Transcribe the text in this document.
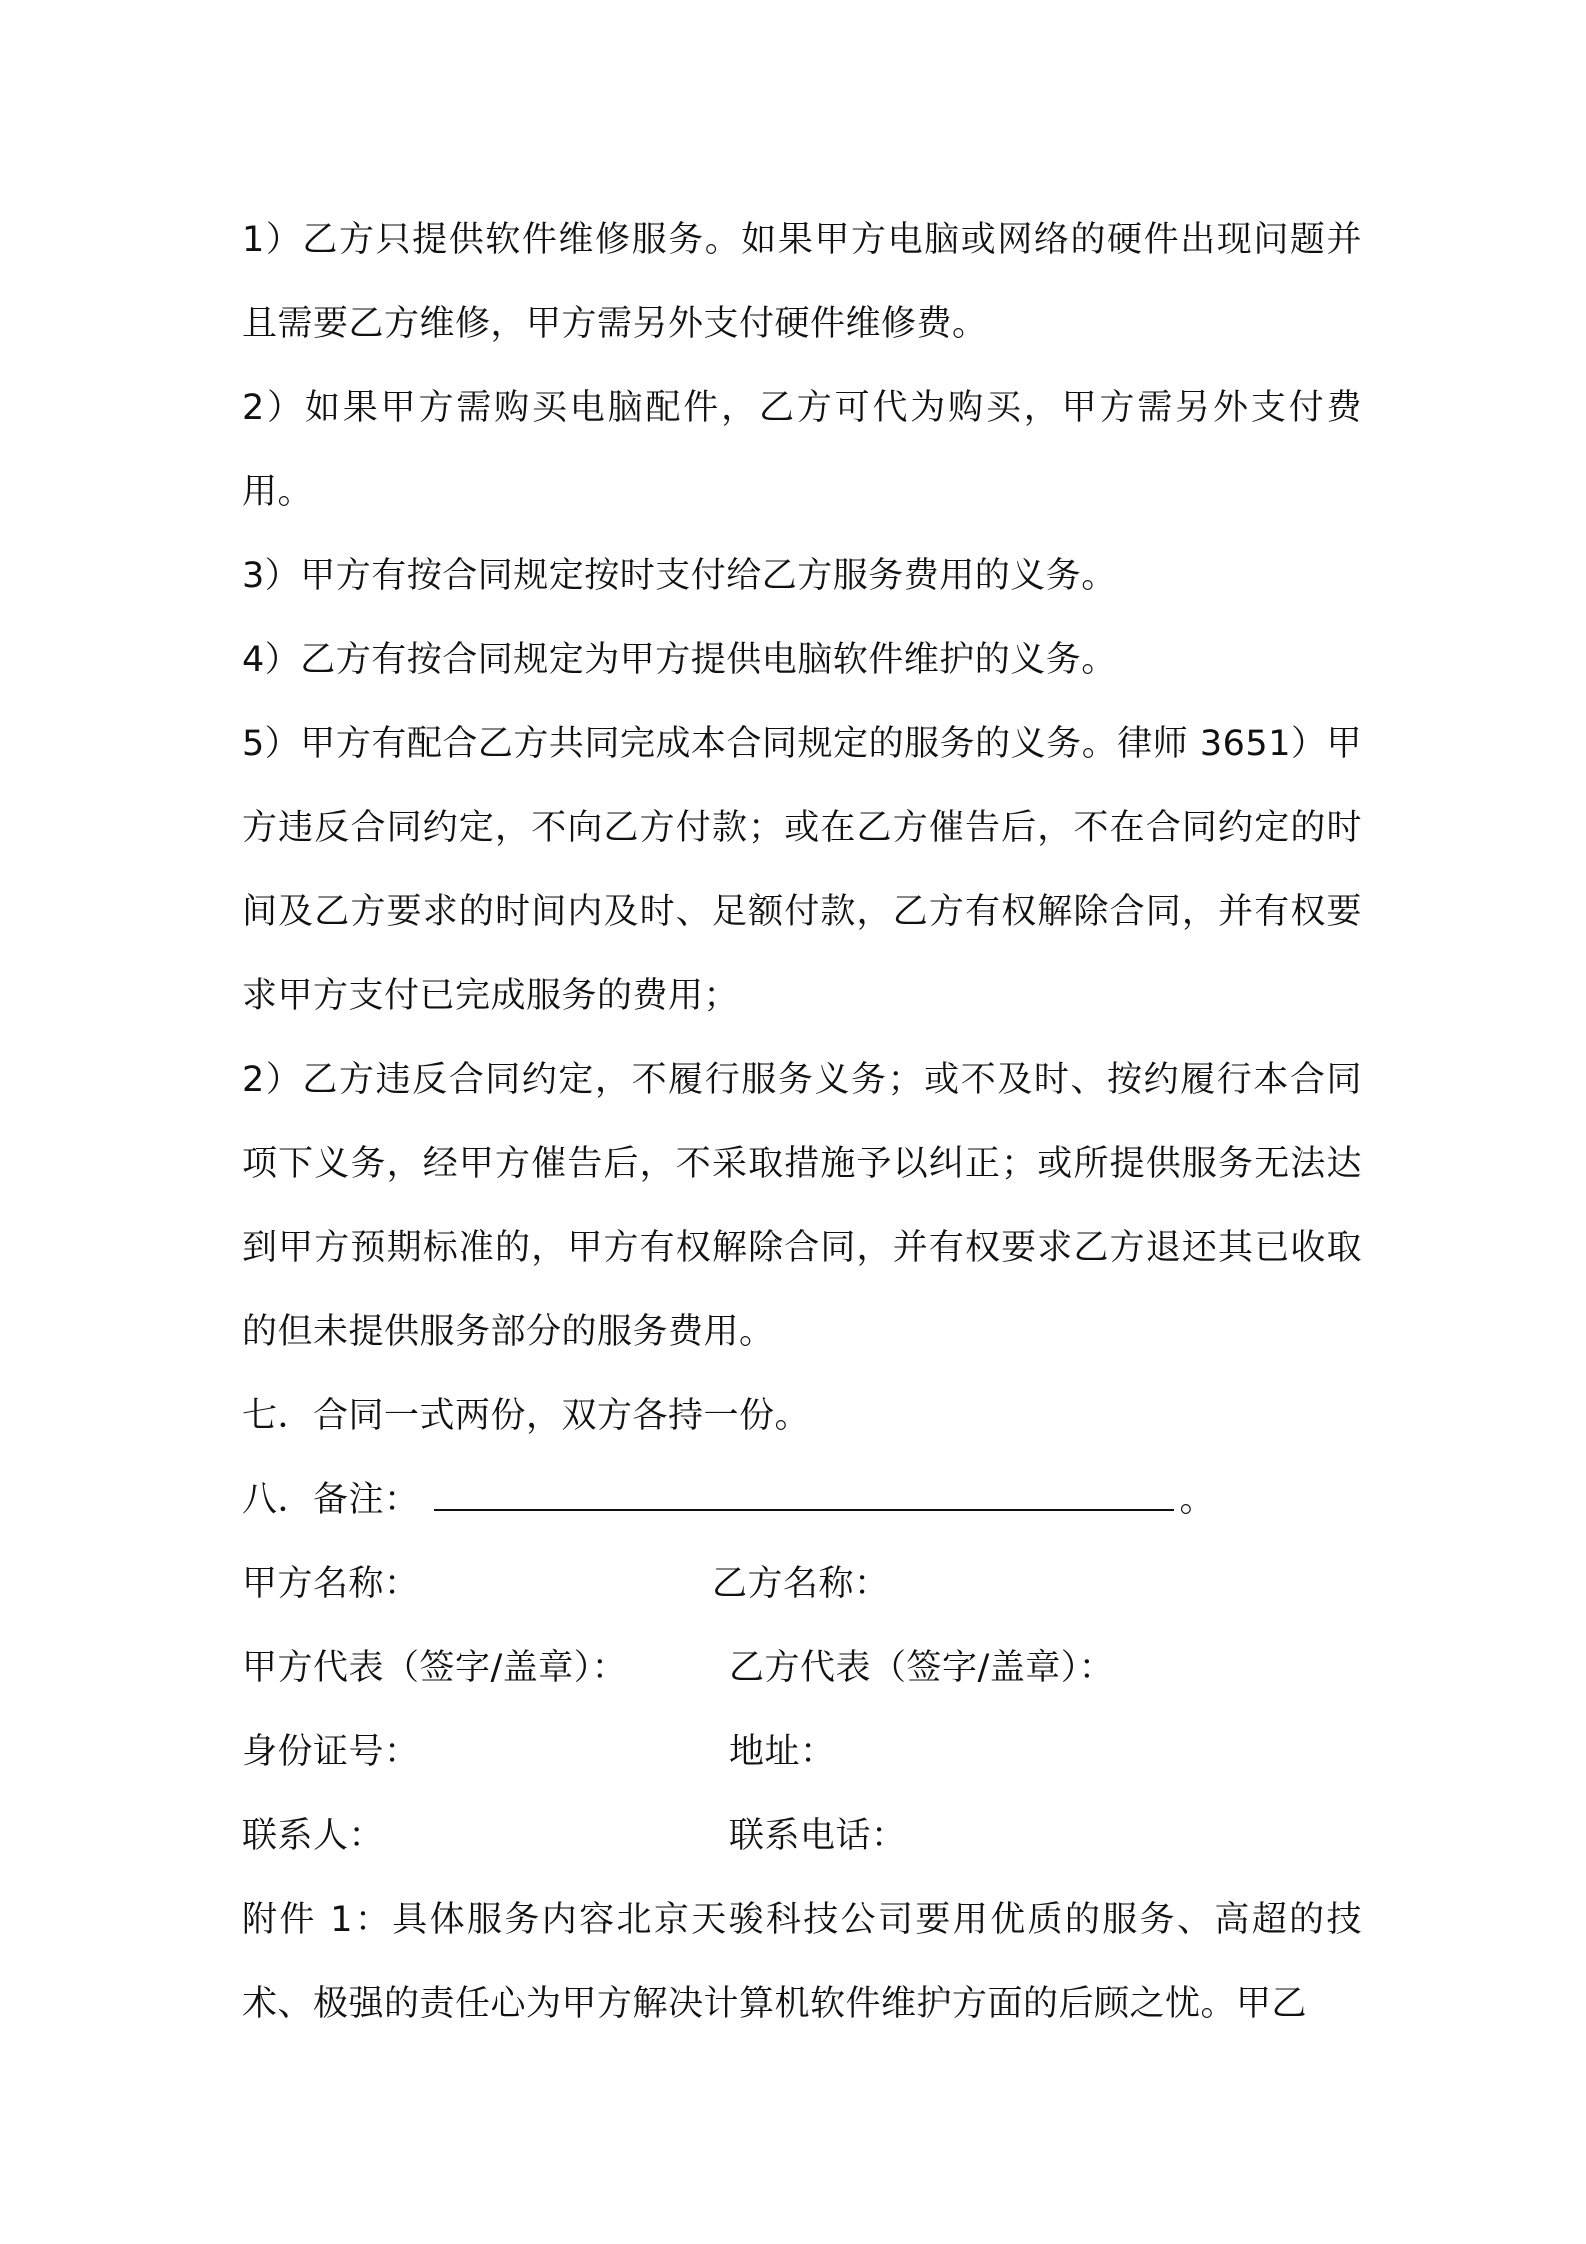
1）乙方只提供软件维修服务。如果甲方电脑或网络的硬件出现问题并且需要乙方维修，甲方需另外支付硬件维修费。

2）如果甲方需购买电脑配件，乙方可代为购买，甲方需另外支付费用。

3）甲方有按合同规定按时支付给乙方服务费用的义务。

4）乙方有按合同规定为甲方提供电脑软件维护的义务。

5）甲方有配合乙方共同完成本合同规定的服务的义务。律师 3651）甲方违反合同约定，不向乙方付款；或在乙方催告后，不在合同约定的时间及乙方要求的时间内及时、足额付款，乙方有权解除合同，并有权要求甲方支付已完成服务的费用；

2）乙方违反合同约定，不履行服务义务；或不及时、按约履行本合同项下义务，经甲方催告后，不采取措施予以纠正；或所提供服务无法达到甲方预期标准的，甲方有权解除合同，并有权要求乙方退还其已收取的但未提供服务部分的服务费用。

七．合同一式两份，双方各持一份。

八．备注：	。
甲方名称：	乙方名称：
甲方代表（签字/盖章）：	乙方代表（签字/盖章）：
身份证号：	地址：
联系人：	联系电话：

附件 1：具体服务内容北京天骏科技公司要用优质的服务、高超的技术、极强的责任心为甲方解决计算机软件维护方面的后顾之忧。甲乙
